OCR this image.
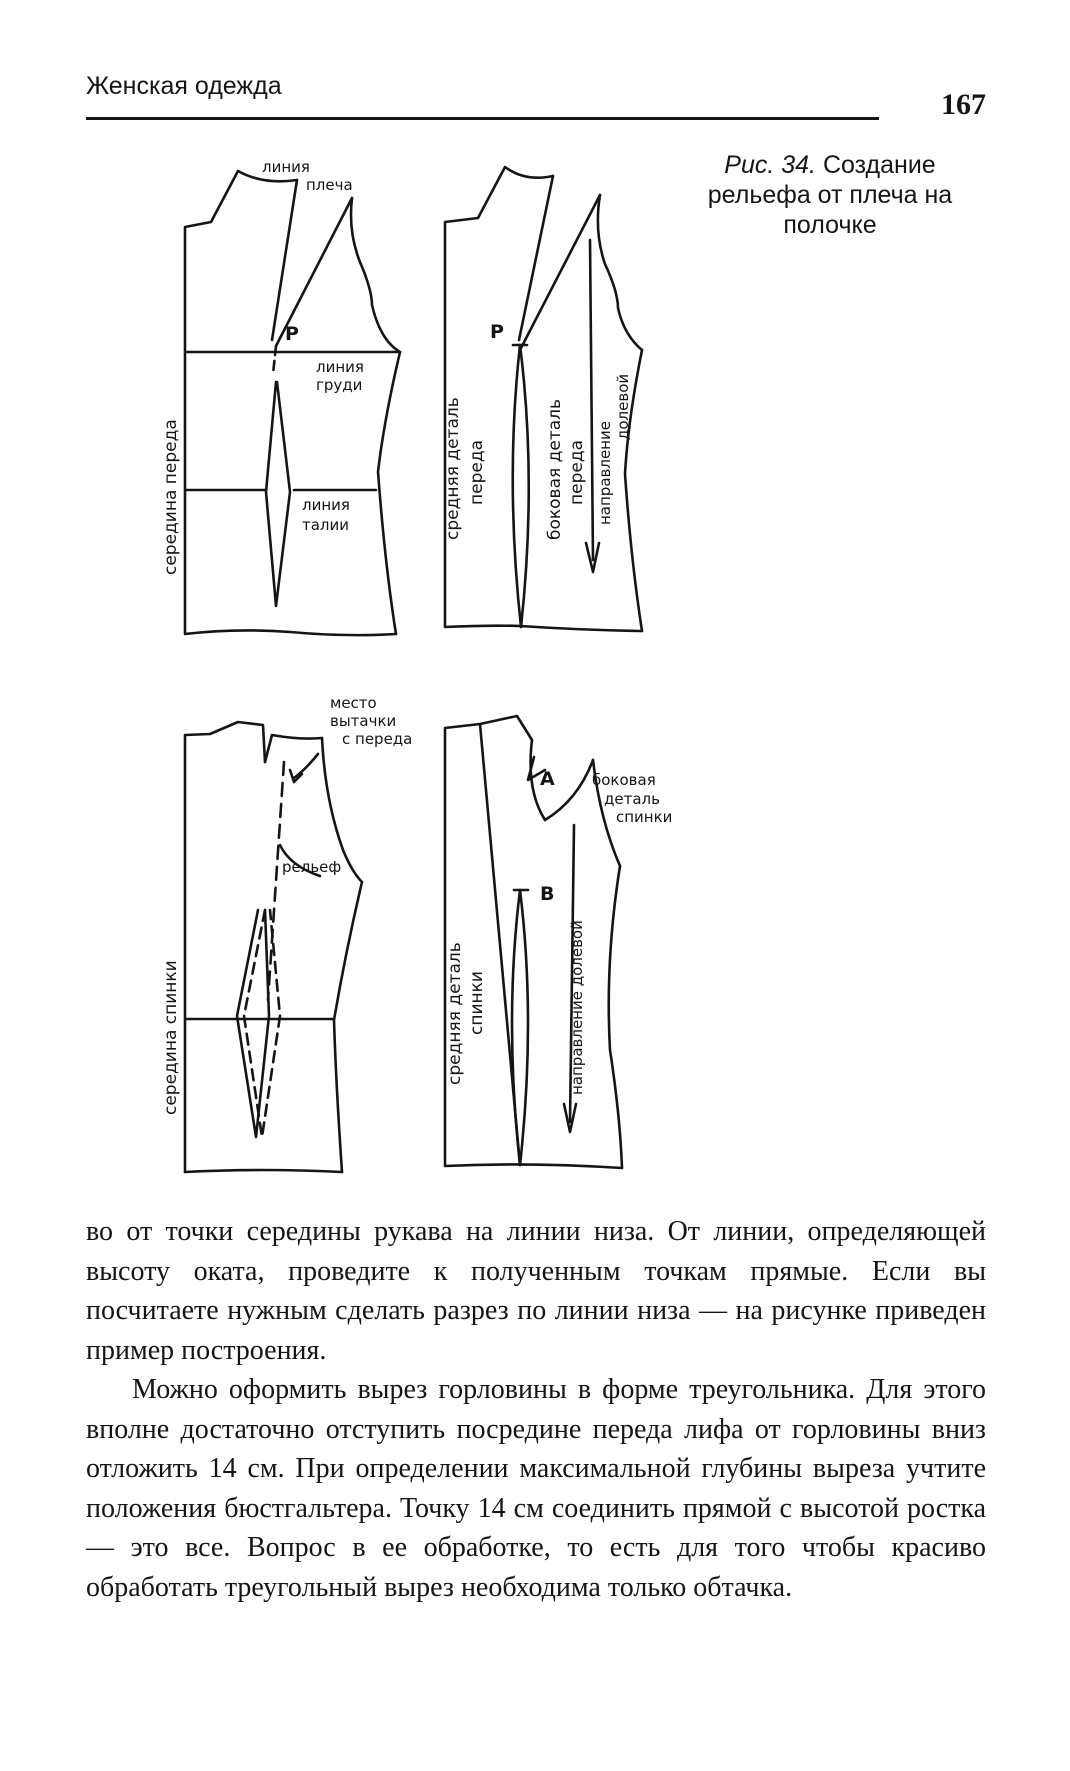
Женская одежда
167
Рис. 34. Создание рельефа от плеча на полочке
линия
плеча
Р
линия
груди
линия
талии
середина переда
Р
средняя деталь переда	боковая деталь переда направление
долевой
место
вытачки
с переда
рельеф
середина спинки	средняя деталь спинки
А
В
боковая
деталь
спинки
направление долевой

во от точки середины рукава на линии низа. От линии, определяющей высоту оката, проведите к полученным точкам прямые. Если вы посчитаете нужным сделать разрез по линии низа — на рисунке приведен пример построения.

Можно оформить вырез горловины в форме треугольника. Для этого вполне достаточно отступить посредине переда лифа от горловины вниз отложить 14 см. При определении максимальной глубины выреза учтите положения бюстгальтера. Точку 14 см соединить прямой с высотой ростка — это все. Вопрос в ее обработке, то есть для того чтобы красиво обработать треугольный вырез необходима только обтачка.
